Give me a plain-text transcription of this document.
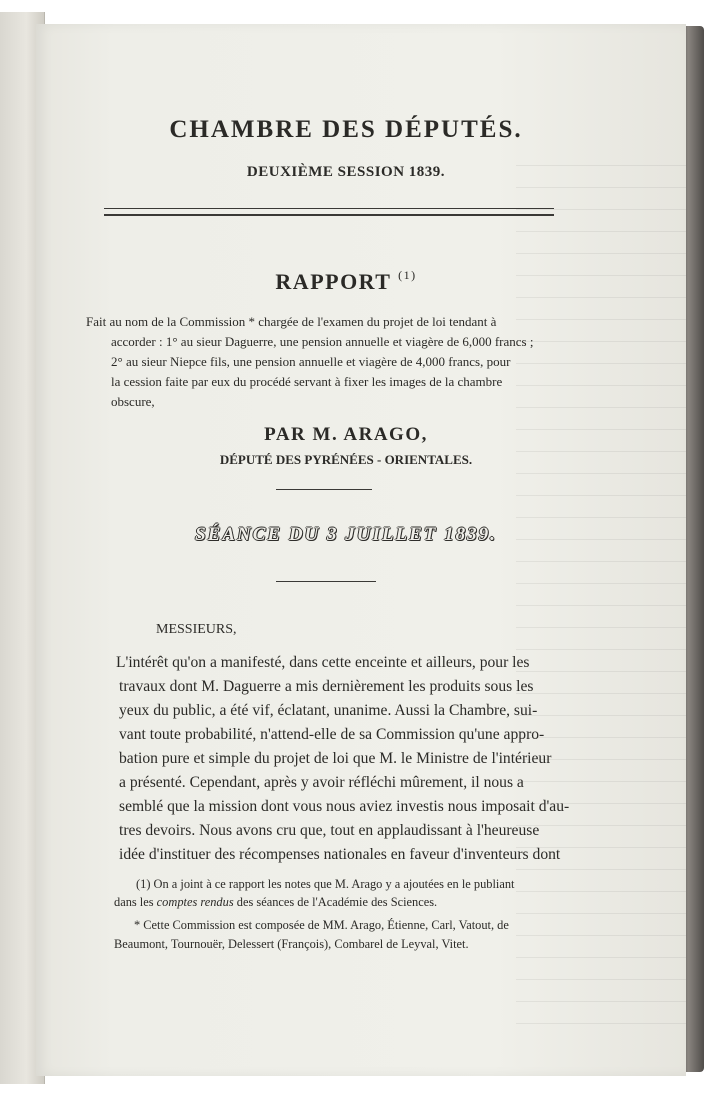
CHAMBRE DES DÉPUTÉS.
DEUXIÈME SESSION 1839.
RAPPORT $^{(1)}$
Fait au nom de la Commission * chargée de l'examen du projet de loi tendant à
accorder : 1° au sieur Daguerre, une pension annuelle et viagère de 6,000 francs ;
2° au sieur Niepce fils, une pension annuelle et viagère de 4,000 francs, pour
la cession faite par eux du procédé servant à fixer les images de la chambre
obscure,
PAR M. ARAGO,
DÉPUTÉ DES PYRÉNÉES - ORIENTALES.
SÉANCE DU 3 JUILLET 1839.
MESSIEURS,
L'intérêt qu'on a manifesté, dans cette enceinte et ailleurs, pour les
travaux dont M. Daguerre a mis dernièrement les produits sous les
yeux du public, a été vif, éclatant, unanime. Aussi la Chambre, sui-
vant toute probabilité, n'attend-elle de sa Commission qu'une appro-
bation pure et simple du projet de loi que M. le Ministre de l'intérieur
a présenté. Cependant, après y avoir réfléchi mûrement, il nous a
semblé que la mission dont vous nous aviez investis nous imposait d'au-
tres devoirs. Nous avons cru que, tout en applaudissant à l'heureuse
idée d'instituer des récompenses nationales en faveur d'inventeurs dont
(1) On a joint à ce rapport les notes que M. Arago y a ajoutées en le publiant
dans les comptes rendus des séances de l'Académie des Sciences.
* Cette Commission est composée de MM. Arago, Étienne, Carl, Vatout, de
Beaumont, Tournouër, Delessert (François), Combarel de Leyval, Vitet.
